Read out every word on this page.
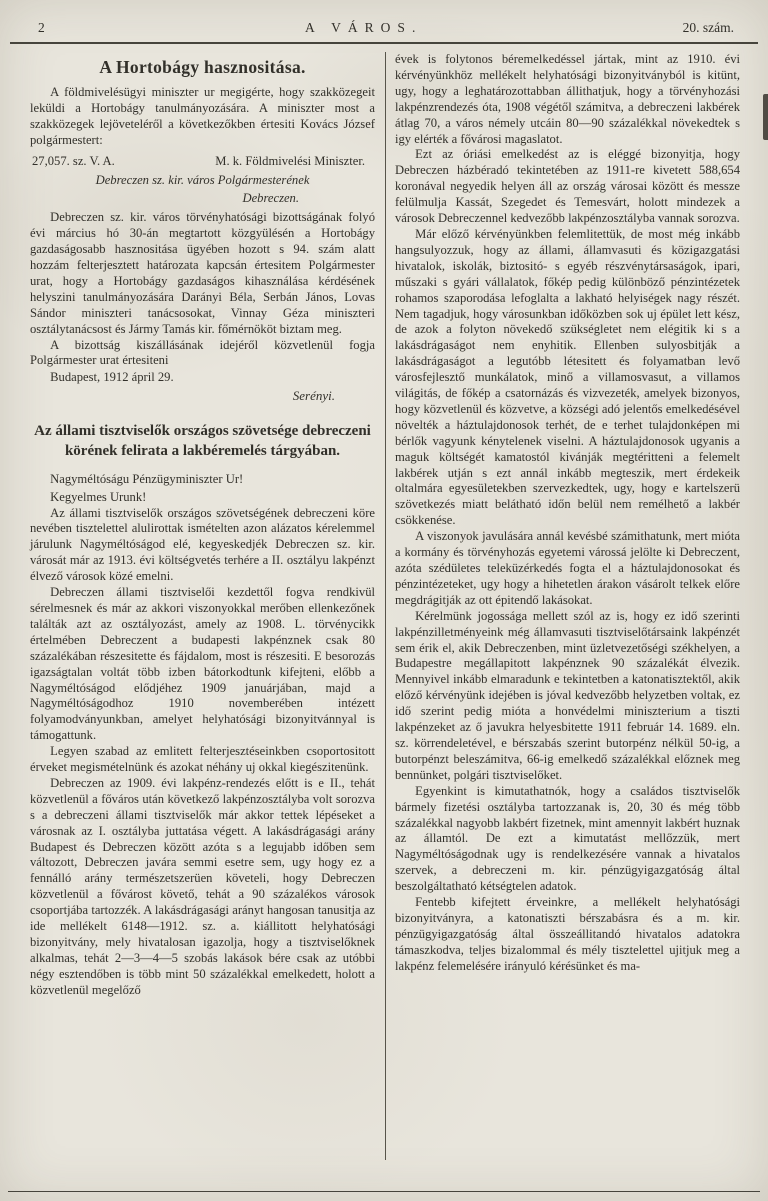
2	A VÁROS.	20. szám.
A Hortobágy hasznositása.

A földmivelésügyi miniszter ur megigérte, hogy szakközegeit leküldi a Hortobágy tanulmányozására. A miniszter most a szakközegek lejöveteléről a következőkben értesiti Kovács József polgármestert:

27,057. sz. V. A.	M. k. Földmivelési Miniszter.

Debreczen sz. kir. város Polgármesterének

Debreczen.

Debreczen sz. kir. város törvényhatósági bizottságának folyó évi március hó 30-án megtartott közgyülésén a Hortobágy gazdaságosabb hasznositása ügyében hozott s 94. szám alatt hozzám felterjesztett határozata kapcsán értesitem Polgármester urat, hogy a Hortobágy gazdaságos kihasználása kérdésének helyszini tanulmányozására Darányi Béla, Serbán János, Lovas Sándor miniszteri tanácsosokat, Vinnay Géza miniszteri osztálytanácsost és Jármy Tamás kir. főmérnököt biztam meg.

A bizottság kiszállásának idejéről közvetlenül fogja Polgármester urat értesiteni

Budapest, 1912 ápril 29.

Serényi.

Az állami tisztviselők országos szövetsége debreczeni körének felirata a lakbéremelés tárgyában.

Nagyméltóságu Pénzügyminiszter Ur!

Kegyelmes Urunk!

Az állami tisztviselők országos szövetségének debreczeni köre nevében tisztelettel alulirottak ismételten azon alázatos kérelemmel járulunk Nagyméltóságod elé, kegyeskedjék Debreczen sz. kir. városát már az 1913. évi költségvetés terhére a II. osztályu lakpénzt élvező városok közé emelni.

Debreczen állami tisztviselői kezdettől fogva rendkivül sérelmesnek és már az akkori viszonyokkal merőben ellenkezőnek találták azt az osztályozást, amely az 1908. L. törvénycikk értelmében Debreczent a budapesti lakpénznek csak 80 százalékában részesitette és fájdalom, most is részesiti. E besorozás igazságtalan voltát több izben bátorkodtunk kifejteni, előbb a Nagyméltóságod elődjéhez 1909 januárjában, majd a Nagyméltóságodhoz 1910 novemberében intézett folyamodványunkban, amelyet helyhatósági bizonyitvánnyal is támogattunk.

Legyen szabad az emlitett felterjesztéseinkben csoportositott érveket megismételnünk és azokat néhány uj okkal kiegészitenünk.

Debreczen az 1909. évi lakpénz-rendezés előtt is e II., tehát közvetlenül a főváros után következő lakpénzosztályba volt sorozva s a debreczeni állami tisztviselők már akkor tettek lépéseket a városnak az I. osztályba juttatása végett. A lakásdrágasági arány Budapest és Debreczen között azóta s a legujabb időben sem változott, Debreczen javára semmi esetre sem, ugy hogy ez a fennálló arány természetszerüen követeli, hogy Debreczen közvetlenül a fővárost követő, tehát a 90 százalékos városok csoportjába tartozzék. A lakásdrágasági arányt hangosan tanusitja az ide mellékelt 6148—1912. sz. a. kiállitott helyhatósági bizonyitvány, mely hivatalosan igazolja, hogy a tisztviselőknek alkalmas, tehát 2—3—4—5 szobás lakások bére csak az utóbbi négy esztendőben is több mint 50 százalékkal emelkedett, holott a közvetlenül megelőző

évek is folytonos béremelkedéssel jártak, mint az 1910. évi kérvényünkhöz mellékelt helyhatósági bizonyitványból is kitünt, ugy, hogy a leghatározottabban állithatjuk, hogy a törvényhozási lakpénzrendezés óta, 1908 végétől számitva, a debreczeni lakbérek átlag 70, a város némely utcáin 80—90 százalékkal növekedtek s igy elérték a fővárosi magaslatot.

Ezt az óriási emelkedést az is eléggé bizonyitja, hogy Debreczen házbéradó tekintetében az 1911-re kivetett 588,654 koronával negyedik helyen áll az ország városai között és messze felülmulja Kassát, Szegedet és Temesvárt, holott mindezek a városok Debreczennel kedvezőbb lakpénzosztályba vannak sorozva.

Már előző kérvényünkben felemlitettük, de most még inkább hangsulyozzuk, hogy az állami, államvasuti és közigazgatási hivatalok, iskolák, biztositó- s egyéb részvénytársaságok, ipari, műszaki s gyári vállalatok, főkép pedig különböző pénzintézetek rohamos szaporodása lefoglalta a lakható helyiségek nagy részét. Nem tagadjuk, hogy városunkban időközben sok uj épület lett kész, de azok a folyton növekedő szükségletet nem elégitik ki s a lakásdrágaságot nem enyhitik. Ellenben sulyosbitják a lakásdrágaságot a legutóbb létesitett és folyamatban levő városfejlesztő munkálatok, minő a villamosvasut, a villamos világitás, de főkép a csatornázás és vizvezeték, amelyek bizonyos, hogy közvetlenül és közvetve, a községi adó jelentős emelkedésével növelték a háztulajdonosok terhét, de e terhet tulajdonképen mi bérlők vagyunk kénytelenek viselni. A háztulajdonosok ugyanis a maguk költségét kamatostól kivánják megtéritteni a felemelt lakbérek utján s ezt annál inkább megteszik, mert érdekeik oltalmára egyesületekben szervezkedtek, ugy, hogy e kartelszerü szövetkezés miatt belátható időn belül nem remélhető a lakbér csökkenése.

A viszonyok javulására annál kevésbé számithatunk, mert mióta a kormány és törvényhozás egyetemi várossá jelölte ki Debreczent, azóta szédületes teleküzérkedés fogta el a háztulajdonosokat és pénzintézeteket, ugy hogy a hihetetlen árakon vásárolt telkek előre megdrágitják az ott épitendő lakásokat.

Kérelmünk jogossága mellett szól az is, hogy ez idő szerinti lakpénzilletményeink még államvasuti tisztviselőtársaink lakpénzét sem érik el, akik Debreczenben, mint üzletvezetőségi székhelyen, a Budapestre megállapitott lakpénznek 90 százalékát élvezik. Mennyivel inkább elmaradunk e tekintetben a katonatisztektől, akik előző kérvényünk idejében is jóval kedvezőbb helyzetben voltak, ez idő szerint pedig mióta a honvédelmi miniszterium a tiszti lakpénzeket az ő javukra helyesbitette 1911 február 14. 1689. eln. sz. körrendeletével, e bérszabás szerint butorpénz nélkül 50-ig, a butorpénzt beleszámitva, 66-ig emelkedő százalékkal előznek meg bennünket, polgári tisztviselőket.

Egyenkint is kimutathatnók, hogy a családos tisztviselők bármely fizetési osztályba tartozzanak is, 20, 30 és még több százalékkal nagyobb lakbért fizetnek, mint amennyit lakbért huznak az államtól. De ezt a kimutatást mellőzzük, mert Nagyméltóságodnak ugy is rendelkezésére vannak a hivatalos szervek, a debreczeni m. kir. pénzügyigazgatóság által beszolgáltatható kétségtelen adatok.

Fentebb kifejtett érveinkre, a mellékelt helyhatósági bizonyitványra, a katonatiszti bérszabásra és a m. kir. pénzügyigazgatóság által összeállitandó hivatalos adatokra támaszkodva, teljes bizalommal és mély tisztelettel ujitjuk meg a lakpénz felemelésére irányuló kérésünket és ma-
